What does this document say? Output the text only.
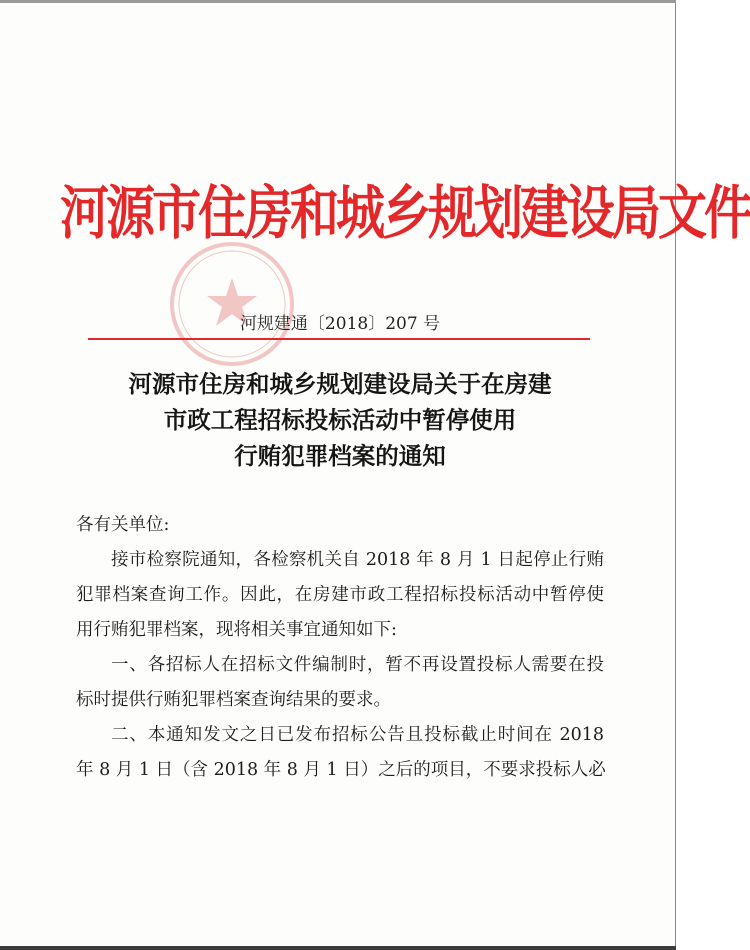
河源市住房和城乡规划建设局文件
河规建通〔2018〕207 号
河源市住房和城乡规划建设局关于在房建
市政工程招标投标活动中暂停使用
行贿犯罪档案的通知
各有关单位:
接市检察院通知，各检察机关自 2018 年 8 月 1 日起停止行贿
犯罪档案查询工作。因此，在房建市政工程招标投标活动中暂停使
用行贿犯罪档案，现将相关事宜通知如下:
一、各招标人在招标文件编制时，暂不再设置投标人需要在投
标时提供行贿犯罪档案查询结果的要求。
二、本通知发文之日已发布招标公告且投标截止时间在 2018
年 8 月 1 日（含 2018 年 8 月 1 日）之后的项目，不要求投标人必
